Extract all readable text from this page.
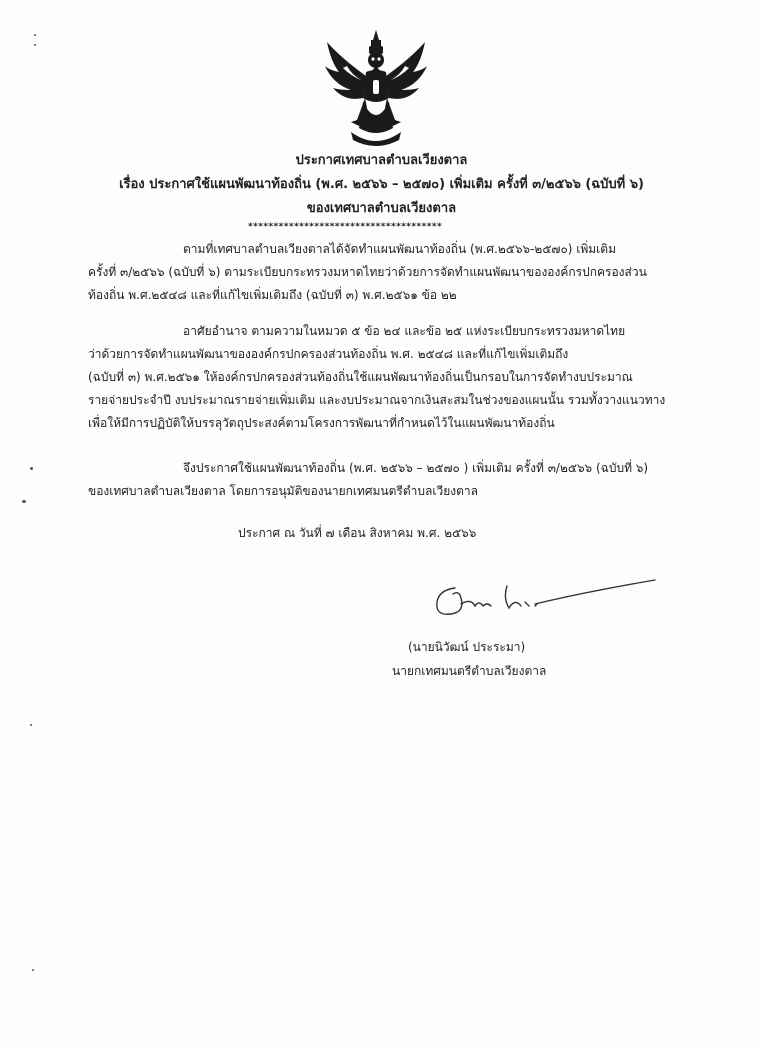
ประกาศเทศบาลตำบลเวียงตาล
เรื่อง ประกาศใช้แผนพัฒนาท้องถิ่น (พ.ศ. ๒๕๖๖ – ๒๕๗๐) เพิ่มเติม ครั้งที่ ๓/๒๕๖๖ (ฉบับที่ ๖)
ของเทศบาลตำบลเวียงตาล
**************************************
ตามที่เทศบาลตำบลเวียงตาลได้จัดทำแผนพัฒนาท้องถิ่น (พ.ศ.๒๕๖๖-๒๕๗๐) เพิ่มเติม
ครั้งที่ ๓/๒๕๖๖ (ฉบับที่ ๖) ตามระเบียบกระทรวงมหาดไทยว่าด้วยการจัดทำแผนพัฒนาขององค์กรปกครองส่วน
ท้องถิ่น พ.ศ.๒๕๔๘ และที่แก้ไขเพิ่มเติมถึง (ฉบับที่ ๓) พ.ศ.๒๕๖๑ ข้อ ๒๒
อาศัยอำนาจ ตามความในหมวด ๕ ข้อ ๒๔ และข้อ ๒๕ แห่งระเบียบกระทรวงมหาดไทย
ว่าด้วยการจัดทำแผนพัฒนาขององค์กรปกครองส่วนท้องถิ่น พ.ศ. ๒๕๔๘ และที่แก้ไขเพิ่มเติมถึง
(ฉบับที่ ๓) พ.ศ.๒๕๖๑ ให้องค์กรปกครองส่วนท้องถิ่นใช้แผนพัฒนาท้องถิ่นเป็นกรอบในการจัดทำงบประมาณ
รายจ่ายประจำปี งบประมาณรายจ่ายเพิ่มเติม และงบประมาณจากเงินสะสมในช่วงของแผนนั้น รวมทั้งวางแนวทาง
เพื่อให้มีการปฏิบัติให้บรรลุวัตถุประสงค์ตามโครงการพัฒนาที่กำหนดไว้ในแผนพัฒนาท้องถิ่น
จึงประกาศใช้แผนพัฒนาท้องถิ่น (พ.ศ. ๒๕๖๖ – ๒๕๗๐ ) เพิ่มเติม ครั้งที่ ๓/๒๕๖๖ (ฉบับที่ ๖)
ของเทศบาลตำบลเวียงตาล โดยการอนุมัติของนายกเทศมนตรีตำบลเวียงตาล
ประกาศ ณ วันที่ ๗ เดือน สิงหาคม พ.ศ. ๒๕๖๖
(นายนิวัฒน์ ประระมา)
นายกเทศมนตรีตำบลเวียงตาล
